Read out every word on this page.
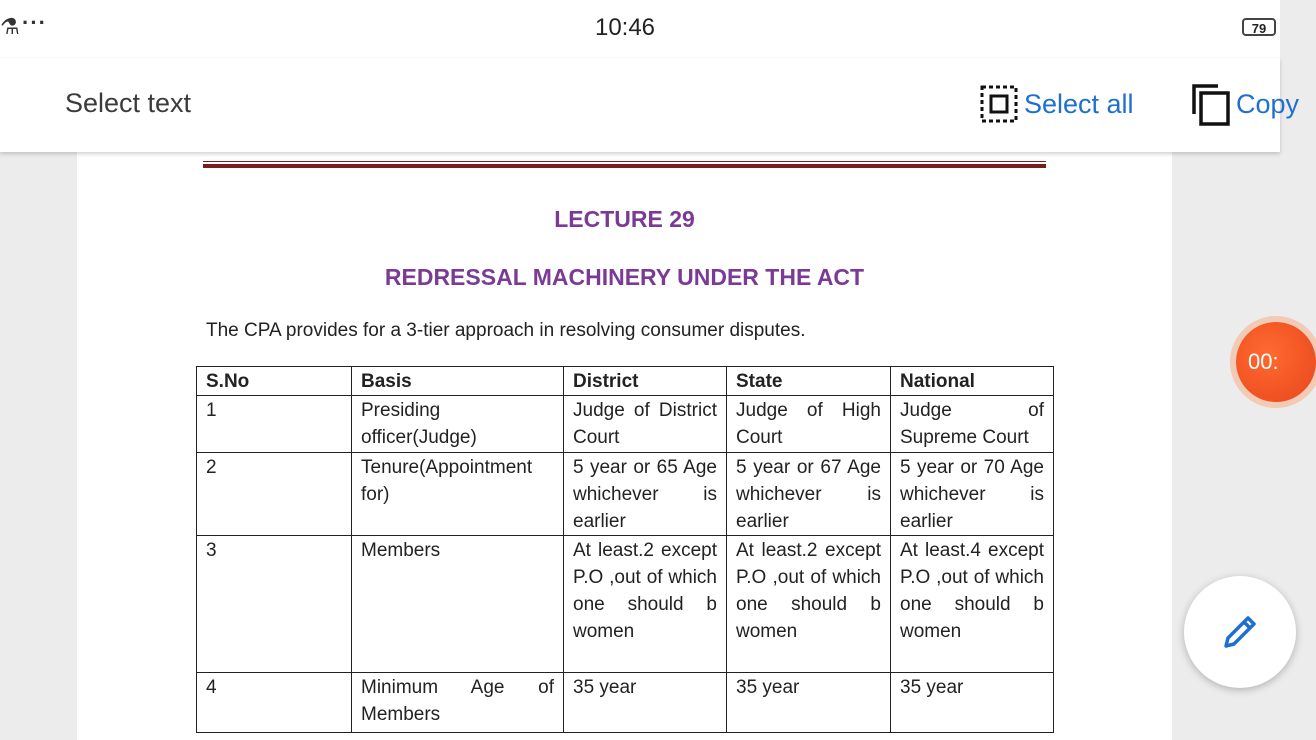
⚗ ···	10:46	79
Select text	Select all	Copy
LECTURE 29
REDRESSAL MACHINERY UNDER THE ACT
The CPA provides for a 3-tier approach in resolving consumer disputes.
S.No	Basis	District	State	National
1	Presiding officer(Judge)	Judge of District Court	Judge of High Court	Judge of Supreme Court
2	Tenure(Appointment for)	5 year or 65 Age whichever is earlier	5 year or 67 Age whichever is earlier	5 year or 70 Age whichever is earlier
3	Members	At least.2 except P.O ,out of which one should b women	At least.2 except P.O ,out of which one should b women	At least.4 except P.O ,out of which one should b women
4	Minimum Age of Members	35 year	35 year	35 year
00:
